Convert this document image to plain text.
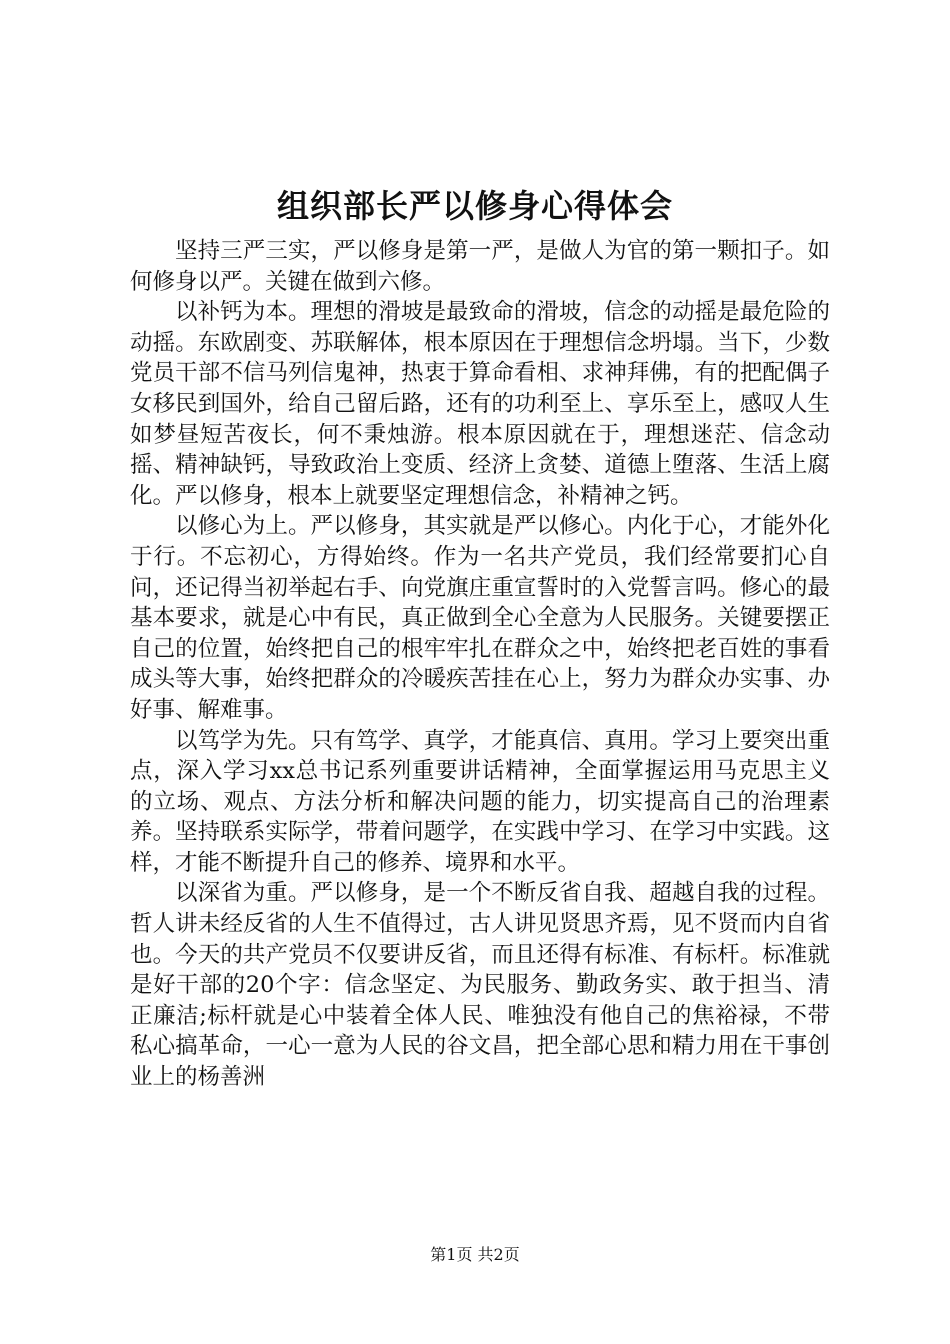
组织部长严以修身心得体会

坚持三严三实，严以修身是第一严，是做人为官的第一颗扣子。如何修身以严。关键在做到六修。

以补钙为本。理想的滑坡是最致命的滑坡，信念的动摇是最危险的动摇。东欧剧变、苏联解体，根本原因在于理想信念坍塌。当下，少数党员干部不信马列信鬼神，热衷于算命看相、求神拜佛，有的把配偶子女移民到国外，给自己留后路，还有的功利至上、享乐至上，感叹人生如梦昼短苦夜长，何不秉烛游。根本原因就在于，理想迷茫、信念动摇、精神缺钙，导致政治上变质、经济上贪婪、道德上堕落、生活上腐化。严以修身，根本上就要坚定理想信念，补精神之钙。

以修心为上。严以修身，其实就是严以修心。内化于心，才能外化于行。不忘初心，方得始终。作为一名共产党员，我们经常要扪心自问，还记得当初举起右手、向党旗庄重宣誓时的入党誓言吗。修心的最基本要求，就是心中有民，真正做到全心全意为人民服务。关键要摆正自己的位置，始终把自己的根牢牢扎在群众之中，始终把老百姓的事看成头等大事，始终把群众的冷暖疾苦挂在心上，努力为群众办实事、办好事、解难事。

以笃学为先。只有笃学、真学，才能真信、真用。学习上要突出重点，深入学习xx总书记系列重要讲话精神，全面掌握运用马克思主义的立场、观点、方法分析和解决问题的能力，切实提高自己的治理素养。坚持联系实际学，带着问题学，在实践中学习、在学习中实践。这样，才能不断提升自己的修养、境界和水平。

以深省为重。严以修身，是一个不断反省自我、超越自我的过程。哲人讲未经反省的人生不值得过，古人讲见贤思齐焉，见不贤而内自省也。今天的共产党员不仅要讲反省，而且还得有标准、有标杆。标准就是好干部的20个字：信念坚定、为民服务、勤政务实、敢于担当、清正廉洁;标杆就是心中装着全体人民、唯独没有他自己的焦裕禄，不带私心搞革命，一心一意为人民的谷文昌，把全部心思和精力用在干事创业上的杨善洲

第1页 共2页
